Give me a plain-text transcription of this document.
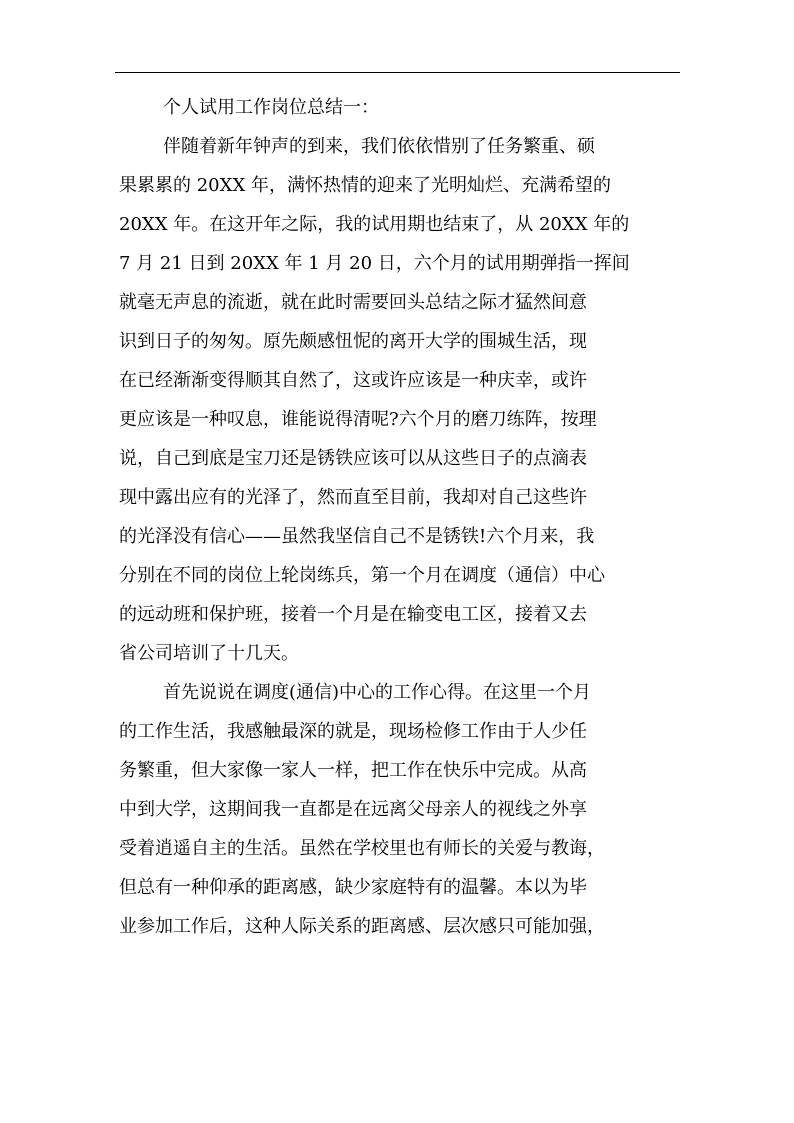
个人试用工作岗位总结一：
伴随着新年钟声的到来，我们依依惜别了任务繁重、硕
果累累的 20XX 年，满怀热情的迎来了光明灿烂、充满希望的
20XX 年。在这开年之际，我的试用期也结束了，从 20XX 年的
7 月 21 日到 20XX 年 1 月 20 日，六个月的试用期弹指一挥间
就毫无声息的流逝，就在此时需要回头总结之际才猛然间意
识到日子的匆匆。原先颇感忸怩的离开大学的围城生活，现
在已经渐渐变得顺其自然了，这或许应该是一种庆幸，或许
更应该是一种叹息，谁能说得清呢?六个月的磨刀练阵，按理
说，自己到底是宝刀还是锈铁应该可以从这些日子的点滴表
现中露出应有的光泽了，然而直至目前，我却对自己这些许
的光泽没有信心——虽然我坚信自己不是锈铁!六个月来，我
分别在不同的岗位上轮岗练兵，第一个月在调度（通信）中心
的远动班和保护班，接着一个月是在输变电工区，接着又去
省公司培训了十几天。
首先说说在调度(通信)中心的工作心得。在这里一个月
的工作生活，我感触最深的就是，现场检修工作由于人少任
务繁重，但大家像一家人一样，把工作在快乐中完成。从高
中到大学，这期间我一直都是在远离父母亲人的视线之外享
受着逍遥自主的生活。虽然在学校里也有师长的关爱与教诲，
但总有一种仰承的距离感，缺少家庭特有的温馨。本以为毕
业参加工作后，这种人际关系的距离感、层次感只可能加强，
